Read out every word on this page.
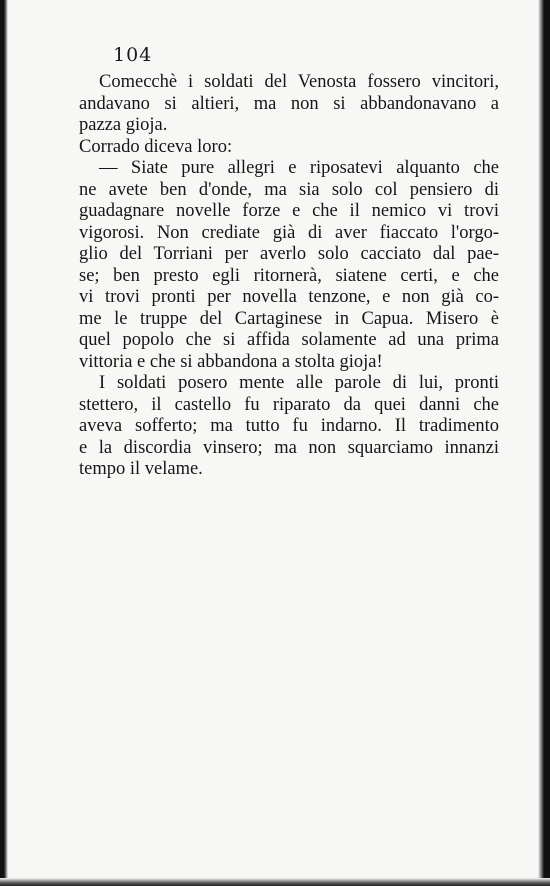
104
Comecchè i soldati del Venosta fossero vincitori,
andavano si altieri, ma non si abbandonavano a
pazza gioja.
Corrado diceva loro:
— Siate pure allegri e riposatevi alquanto che
ne avete ben d'onde, ma sia solo col pensiero di
guadagnare novelle forze e che il nemico vi trovi
vigorosi. Non crediate già di aver fiaccato l'orgo-
glio del Torriani per averlo solo cacciato dal pae-
se; ben presto egli ritornerà, siatene certi, e che
vi trovi pronti per novella tenzone, e non già co-
me le truppe del Cartaginese in Capua. Misero è
quel popolo che si affida solamente ad una prima
vittoria e che si abbandona a stolta gioja!
I soldati posero mente alle parole di lui, pronti
stettero, il castello fu riparato da quei danni che
aveva sofferto; ma tutto fu indarno. Il tradimento
e la discordia vinsero; ma non squarciamo innanzi
tempo il velame.
